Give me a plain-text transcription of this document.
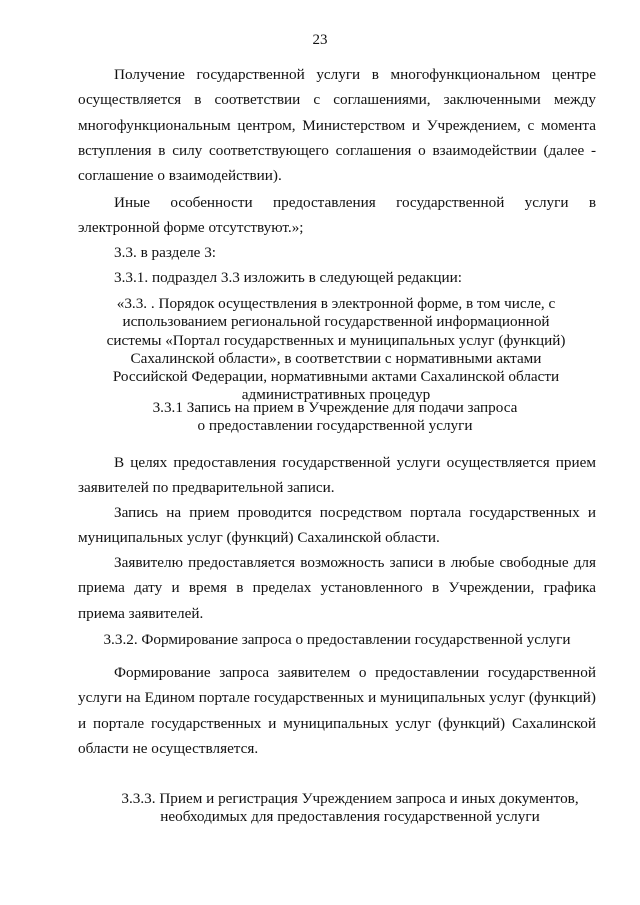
23

Получение государственной услуги в многофункциональном центре осуществляется в соответствии с соглашениями, заключенными между многофункциональным центром, Министерством и Учреждением, с момента вступления в силу соответствующего соглашения о взаимодействии (далее - соглашение о взаимодействии).

Иные особенности предоставления государственной услуги в электронной форме отсутствуют.»;

3.3. в разделе 3:

3.3.1. подраздел 3.3 изложить в следующей редакции:

«3.3. . Порядок осуществления в электронной форме, в том числе, с использованием региональной государственной информационной системы «Портал государственных и муниципальных услуг (функций) Сахалинской области», в соответствии с нормативными актами Российской Федерации, нормативными актами Сахалинской области административных процедур

3.3.1 Запись на прием в Учреждение для подачи запроса о предоставлении государственной услуги

В целях предоставления государственной услуги осуществляется прием заявителей по предварительной записи.

Запись на прием проводится посредством портала государственных и муниципальных услуг (функций) Сахалинской области.

Заявителю предоставляется возможность записи в любые свободные для приема дату и время в пределах установленного в Учреждении, графика приема заявителей.

3.3.2. Формирование запроса о предоставлении государственной услуги

Формирование запроса заявителем о предоставлении государственной услуги на Едином портале государственных и муниципальных услуг (функций) и портале государственных и муниципальных услуг (функций) Сахалинской области не осуществляется.

3.3.3. Прием и регистрация Учреждением запроса и иных документов, необходимых для предоставления государственной услуги
